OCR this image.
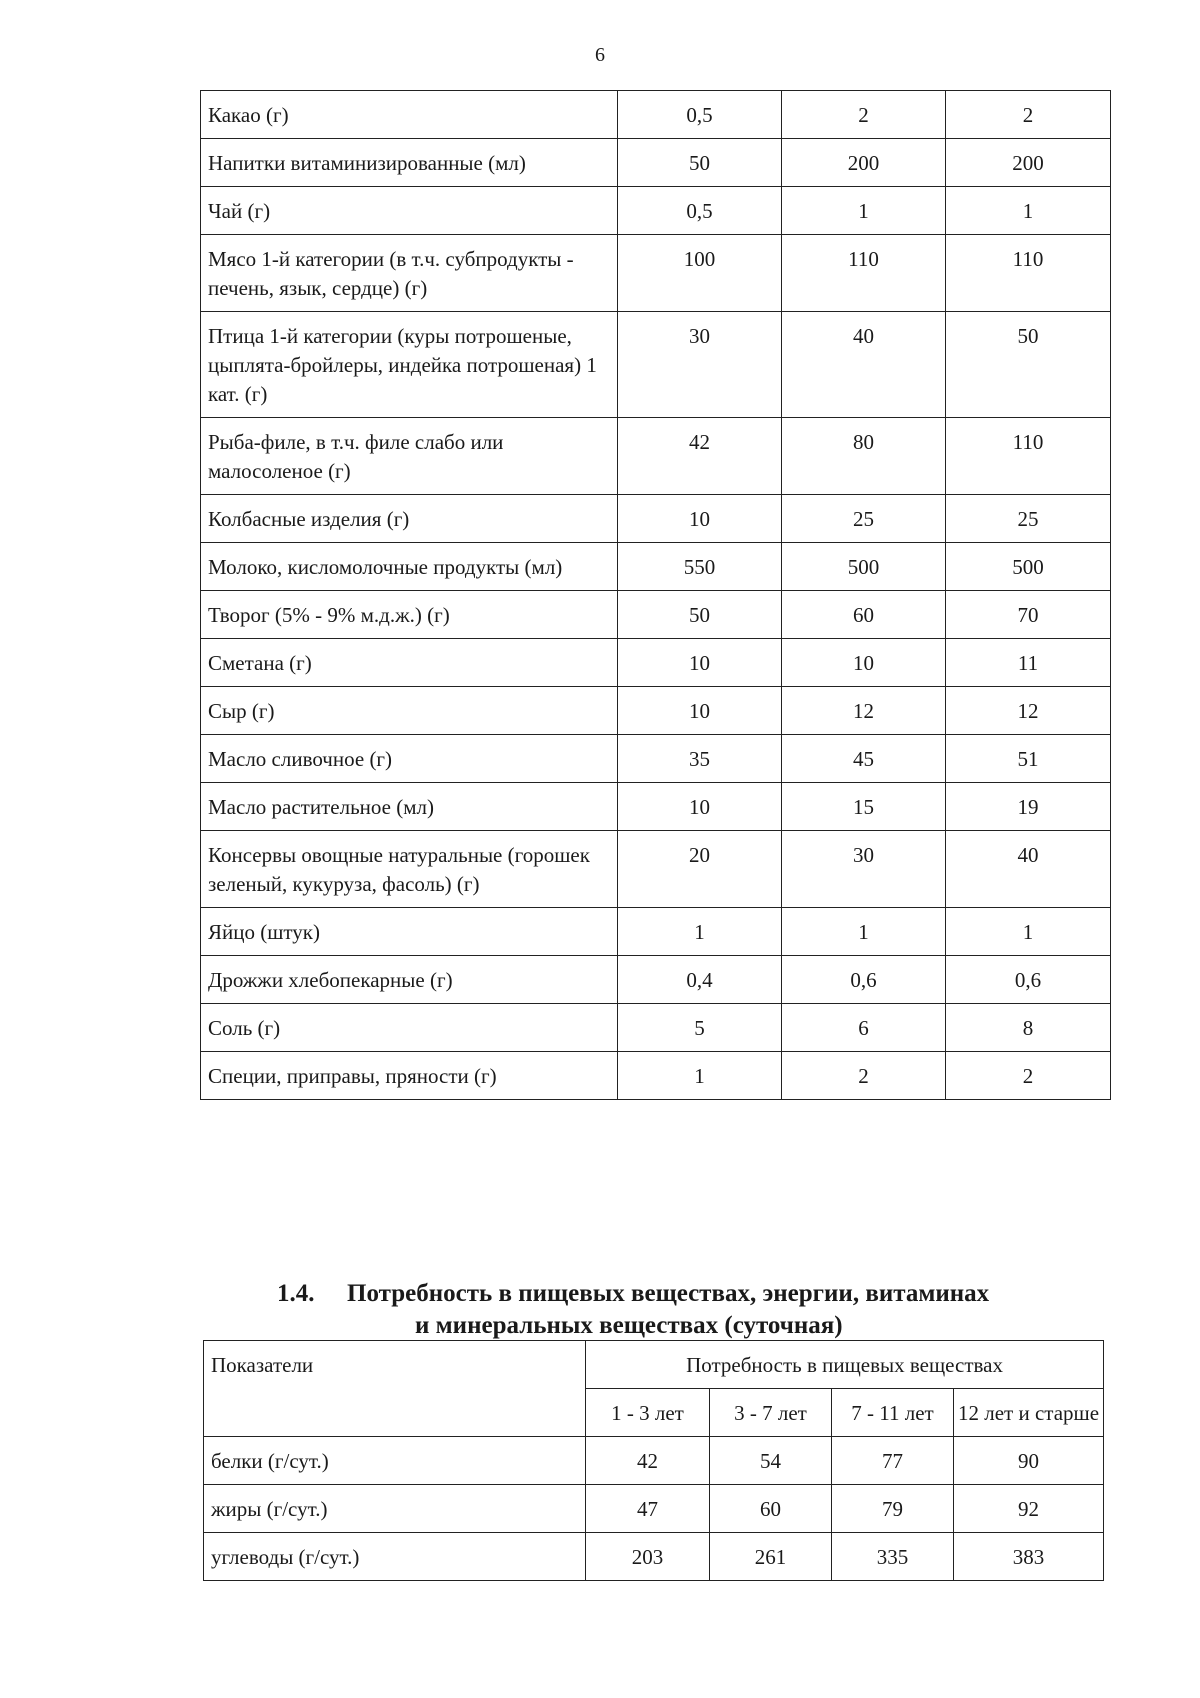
6
Какао (г)	0,5	2	2
Напитки витаминизированные (мл)	50	200	200
Чай (г)	0,5	1	1
Мясо 1-й категории (в т.ч. субпродукты - печень, язык, сердце) (г)	100	110	110
Птица 1-й категории (куры потрошеные, цыплята-бройлеры, индейка потрошеная) 1 кат. (г)	30	40	50
Рыба-филе, в т.ч. филе слабо или малосоленое (г)	42	80	110
Колбасные изделия (г)	10	25	25
Молоко, кисломолочные продукты (мл)	550	500	500
Творог (5% - 9% м.д.ж.) (г)	50	60	70
Сметана (г)	10	10	11
Сыр (г)	10	12	12
Масло сливочное (г)	35	45	51
Масло растительное (мл)	10	15	19
Консервы овощные натуральные (горошек зеленый, кукуруза, фасоль) (г)	20	30	40
Яйцо (штук)	1	1	1
Дрожжи хлебопекарные (г)	0,4	0,6	0,6
Соль (г)	5	6	8
Специи, приправы, пряности (г)	1	2	2
1.4. Потребность в пищевых веществах, энергии, витаминах
и минеральных веществах (суточная)
Показатели	Потребность в пищевых веществах			
	1 - 3 лет	3 - 7 лет	7 - 11 лет	12 лет и старше
белки (г/сут.)	42	54	77	90
жиры (г/сут.)	47	60	79	92
углеводы (г/сут.)	203	261	335	383
